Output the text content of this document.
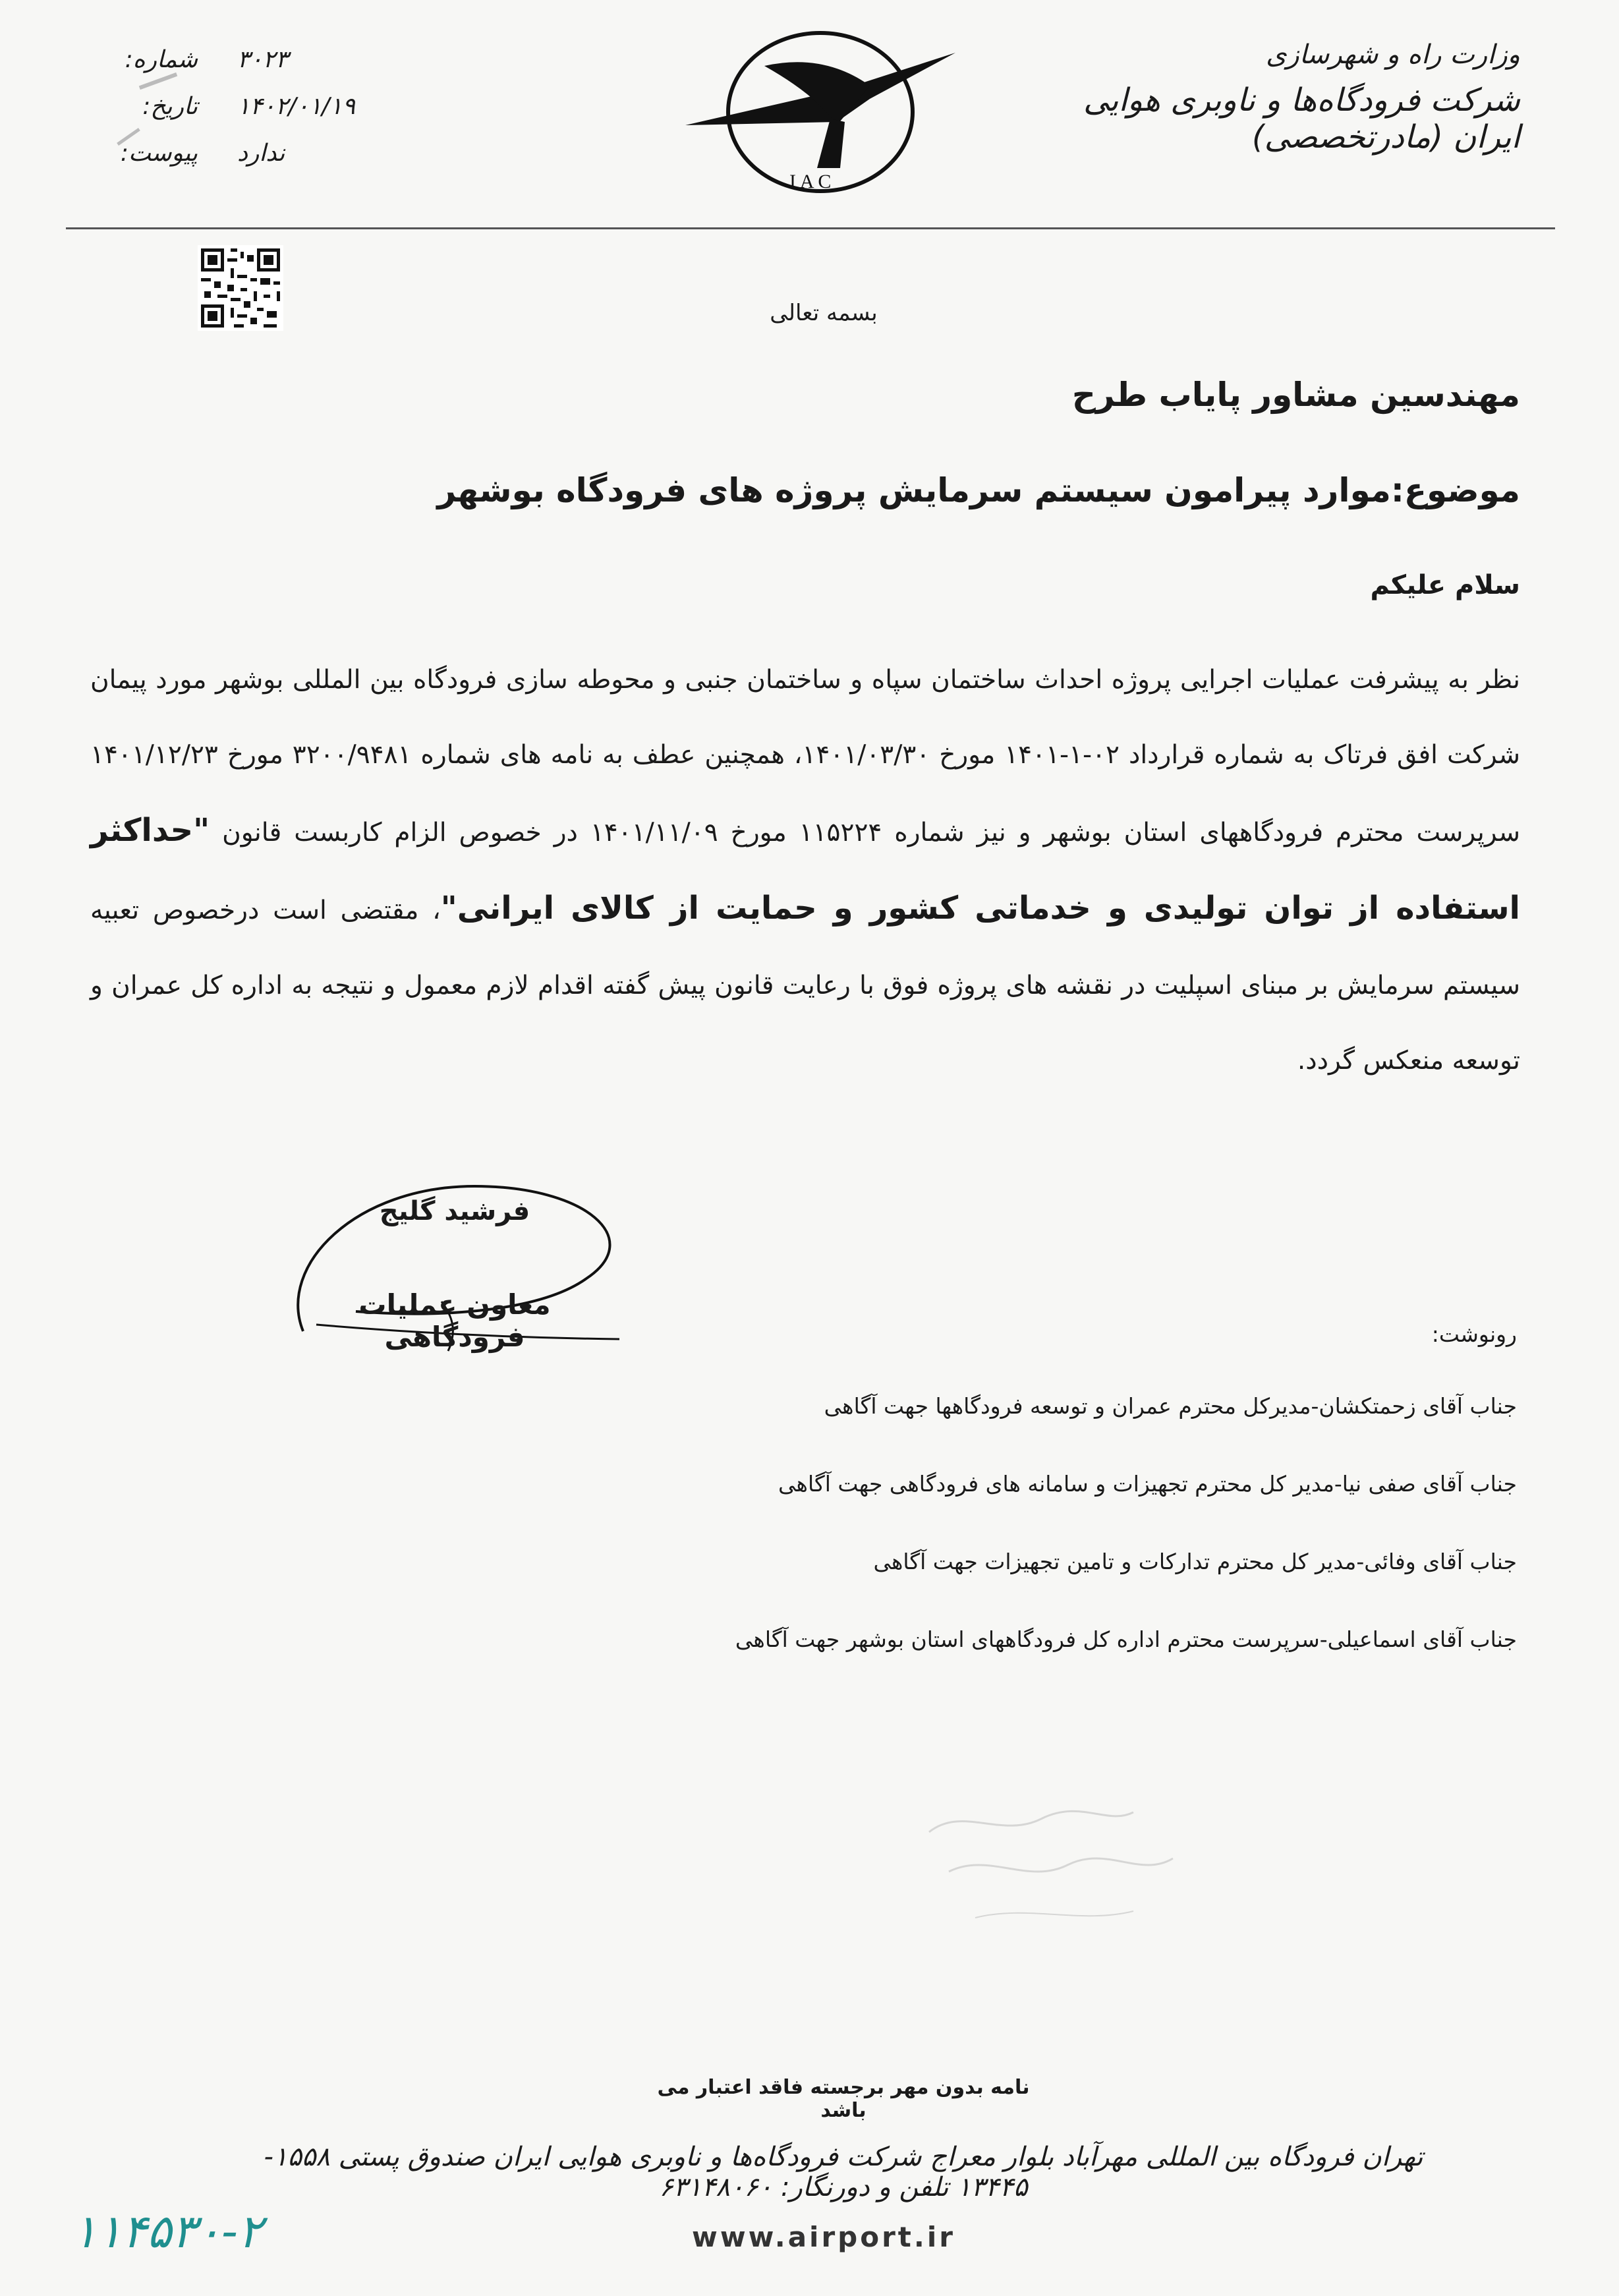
وزارت راه و شهرسازی

شرکت فرودگاه‌ها و ناوبری هوایی ایران (مادرتخصصی)

I A C
شماره:	۳۰۲۳
تاریخ:	۱۴۰۲/۰۱/۱۹
پیوست:	ندارد
بسمه تعالی
مهندسین مشاور پایاب طرح
موضوع:موارد پیرامون سیستم سرمایش پروژه های فرودگاه بوشهر
سلام علیکم
نظر به پیشرفت عملیات اجرایی پروژه احداث ساختمان سپاه و ساختمان جنبی و محوطه سازی فرودگاه بین المللی بوشهر مورد پیمان شرکت افق فرتاک به شماره قرارداد ۰۲-۱-۱۴۰۱ مورخ ۱۴۰۱/۰۳/۳۰، همچنین عطف به نامه های شماره ۳۲۰۰/۹۴۸۱ مورخ ۱۴۰۱/۱۲/۲۳ سرپرست محترم فرودگاههای استان بوشهر و نیز شماره ۱۱۵۲۲۴ مورخ ۱۴۰۱/۱۱/۰۹ در خصوص الزام کاربست قانون "حداکثر استفاده از توان تولیدی و خدماتی کشور و حمایت از کالای ایرانی"، مقتضی است درخصوص تعبیه سیستم سرمایش بر مبنای اسپلیت در نقشه های پروژه فوق با رعایت قانون پیش گفته اقدام لازم معمول و نتیجه به اداره کل عمران و توسعه منعکس گردد.
فرشید گلیج
معاون عملیات فرودگاهی	رونوشت:
جناب آقای زحمتکشان-مدیرکل محترم عمران و توسعه فرودگاهها جهت آگاهی
جناب آقای صفی نیا-مدیر کل محترم تجهیزات و سامانه های فرودگاهی جهت آگاهی
جناب آقای وفائی-مدیر کل محترم تدارکات و تامین تجهیزات جهت آگاهی
جناب آقای اسماعیلی-سرپرست محترم اداره کل فرودگاههای استان بوشهر جهت آگاهی
نامه بدون مهر برجسته فاقد اعتبار می باشد
تهران فرودگاه بین المللی مهرآباد بلوار معراج شرکت فرودگاه‌ها و ناوبری هوایی ایران صندوق پستی ۱۵۵۸- ۱۳۴۴۵ تلفن و دورنگار: ۶۳۱۴۸۰۶۰
www.airport.ir
۱۱۴۵۳۰-۲
